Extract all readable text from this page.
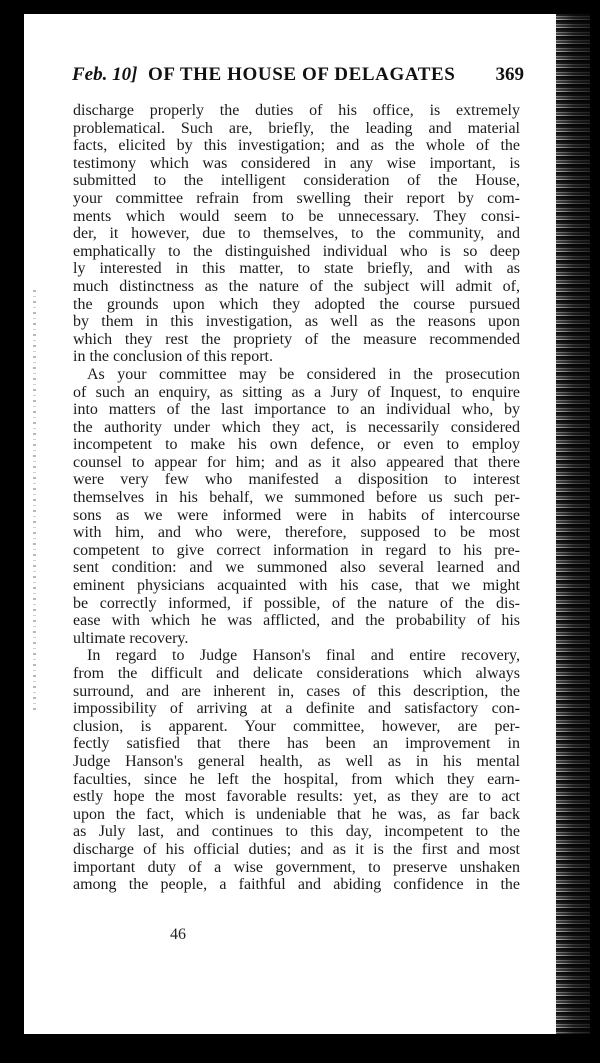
Feb. 10] OF THE HOUSE OF DELAGATES 369
discharge properly the duties of his office, is extremely
problematical. Such are, briefly, the leading and material
facts, elicited by this investigation; and as the whole of the
testimony which was considered in any wise important, is
submitted to the intelligent consideration of the House,
your committee refrain from swelling their report by com-
ments which would seem to be unnecessary. They consi-
der, it however, due to themselves, to the community, and
emphatically to the distinguished individual who is so deep
ly interested in this matter, to state briefly, and with as
much distinctness as the nature of the subject will admit of,
the grounds upon which they adopted the course pursued
by them in this investigation, as well as the reasons upon
which they rest the propriety of the measure recommended
in the conclusion of this report.
As your committee may be considered in the prosecution
of such an enquiry, as sitting as a Jury of Inquest, to enquire
into matters of the last importance to an individual who, by
the authority under which they act, is necessarily considered
incompetent to make his own defence, or even to employ
counsel to appear for him; and as it also appeared that there
were very few who manifested a disposition to interest
themselves in his behalf, we summoned before us such per-
sons as we were informed were in habits of intercourse
with him, and who were, therefore, supposed to be most
competent to give correct information in regard to his pre-
sent condition: and we summoned also several learned and
eminent physicians acquainted with his case, that we might
be correctly informed, if possible, of the nature of the dis-
ease with which he was afflicted, and the probability of his
ultimate recovery.
In regard to Judge Hanson's final and entire recovery,
from the difficult and delicate considerations which always
surround, and are inherent in, cases of this description, the
impossibility of arriving at a definite and satisfactory con-
clusion, is apparent. Your committee, however, are per-
fectly satisfied that there has been an improvement in
Judge Hanson's general health, as well as in his mental
faculties, since he left the hospital, from which they earn-
estly hope the most favorable results: yet, as they are to act
upon the fact, which is undeniable that he was, as far back
as July last, and continues to this day, incompetent to the
discharge of his official duties; and as it is the first and most
important duty of a wise government, to preserve unshaken
among the people, a faithful and abiding confidence in the
46
